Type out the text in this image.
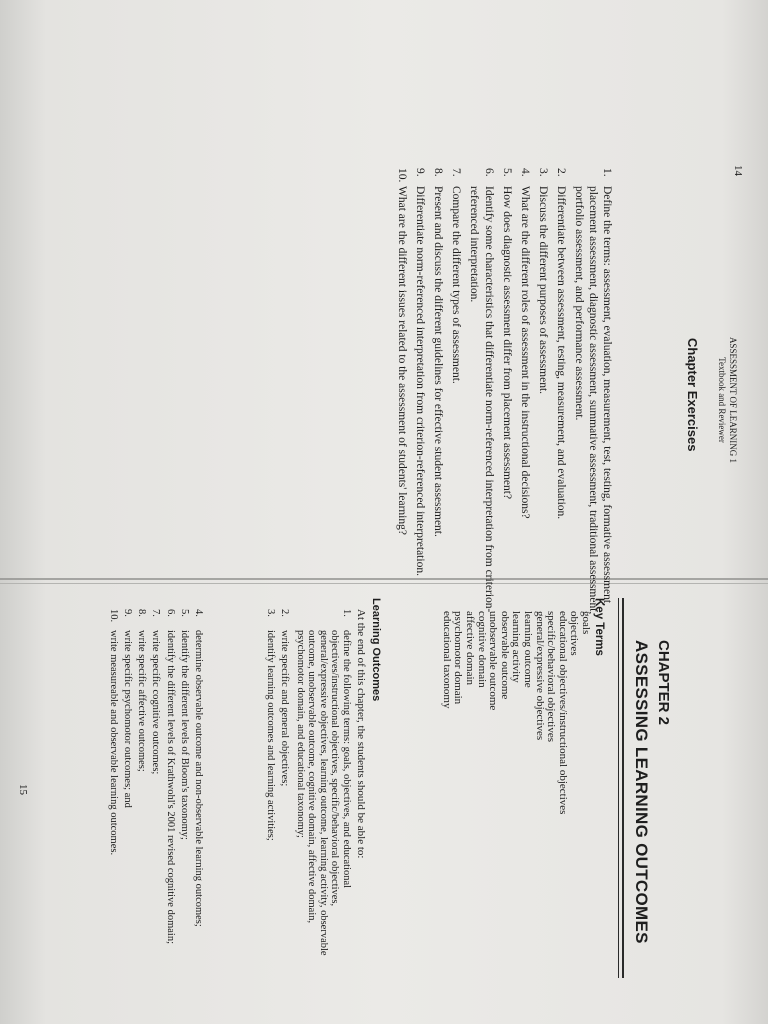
14
ASSESSMENT OF LEARNING 1
Textbook and Reviewer
Chapter Exercises
1.
Define the terms: assessment, evaluation, measurement, test, testing, formative assessment, placement assessment, diagnostic assessment, summative assessment, traditional assessment, portfolio assessment, and performance assessment.
2.
Differentiate between assessment, testing, measurement, and evaluation.
3.
Discuss the different purposes of assessment.
4.
What are the different roles of assessment in the instructional decisions?
5.
How does diagnostic assessment differ from placement assessment?
6.
Identify some characteristics that differentiate norm-referenced interpretation from criterion-referenced interpretation.
7.
Compare the different types of assessment.
8.
Present and discuss the different guidelines for effective student assessment.
9.
Differentiate norm-referenced interpretation from criterion-referenced interpretation.
10.
What are the different issues related to the assessment of students' learning?
CHAPTER 2
ASSESSING LEARNING OUTCOMES
Key Terms
goals
objectives
educational objectives/instructional objectives
specific/behavioral objectives
general/expressive objectives
learning outcome
learning activity
observable outcome
unobservable outcome
cognitive domain
affective domain
psychomotor domain
educational taxonomy
Learning Outcomes
At the end of this chapter, the students should be able to:
1.
define the following terms: goals, objectives, and educational objectives/instructional objectives, specific/behavioral objectives, general/expressive objectives, learning outcome, learning activity, observable outcome, unobservable outcome, cognitive domain, affective domain, psychomotor domain, and educational taxonomy;
2.
write specific and general objectives;
3.
identify learning outcomes and learning activities;
4.
determine observable outcome and non-observable learning outcomes;
5.
identify the different levels of Bloom's taxonomy;
6.
identify the different levels of Krathwohl's 2001 revised cognitive domain;
7.
write specific cognitive outcomes;
8.
write specific affective outcomes;
9.
write specific psychomotor outcomes; and
10.
write measureable and observable learning outcomes.
15
